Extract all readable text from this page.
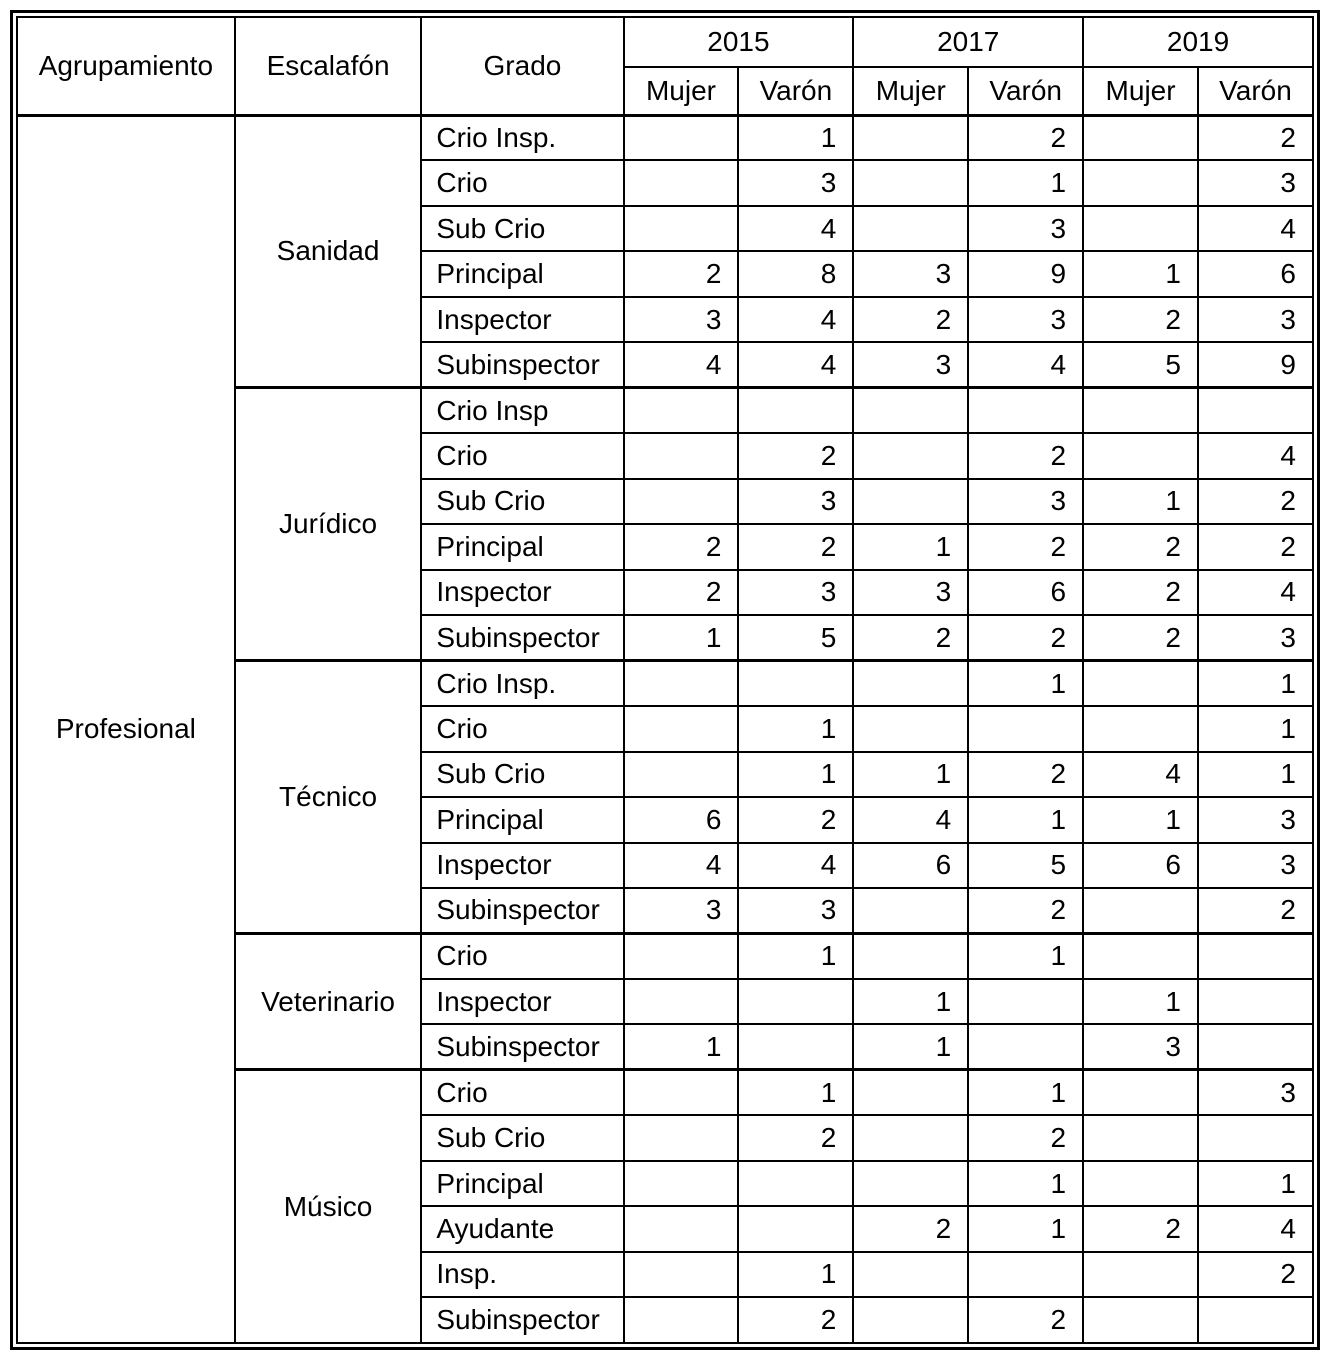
Agrupamiento	Escalafón	Grado	2015		2017		2019	
			Mujer	Varón	Mujer	Varón	Mujer	Varón
Profesional	Sanidad	Crio Insp.		1		2		2
		Crio		3		1		3
		Sub Crio		4		3		4
		Principal	2	8	3	9	1	6
		Inspector	3	4	2	3	2	3
		Subinspector	4	4	3	4	5	9
	Jurídico	Crio Insp						
		Crio		2		2		4
		Sub Crio		3		3	1	2
		Principal	2	2	1	2	2	2
		Inspector	2	3	3	6	2	4
		Subinspector	1	5	2	2	2	3
	Técnico	Crio Insp.				1		1
		Crio		1				1
		Sub Crio		1	1	2	4	1
		Principal	6	2	4	1	1	3
		Inspector	4	4	6	5	6	3
		Subinspector	3	3		2		2
	Veterinario	Crio		1		1		
		Inspector			1		1	
		Subinspector	1		1		3	
	Músico	Crio		1		1		3
		Sub Crio		2		2		
		Principal				1		1
		Ayudante			2	1	2	4
		Insp.		1				2
		Subinspector		2		2		
